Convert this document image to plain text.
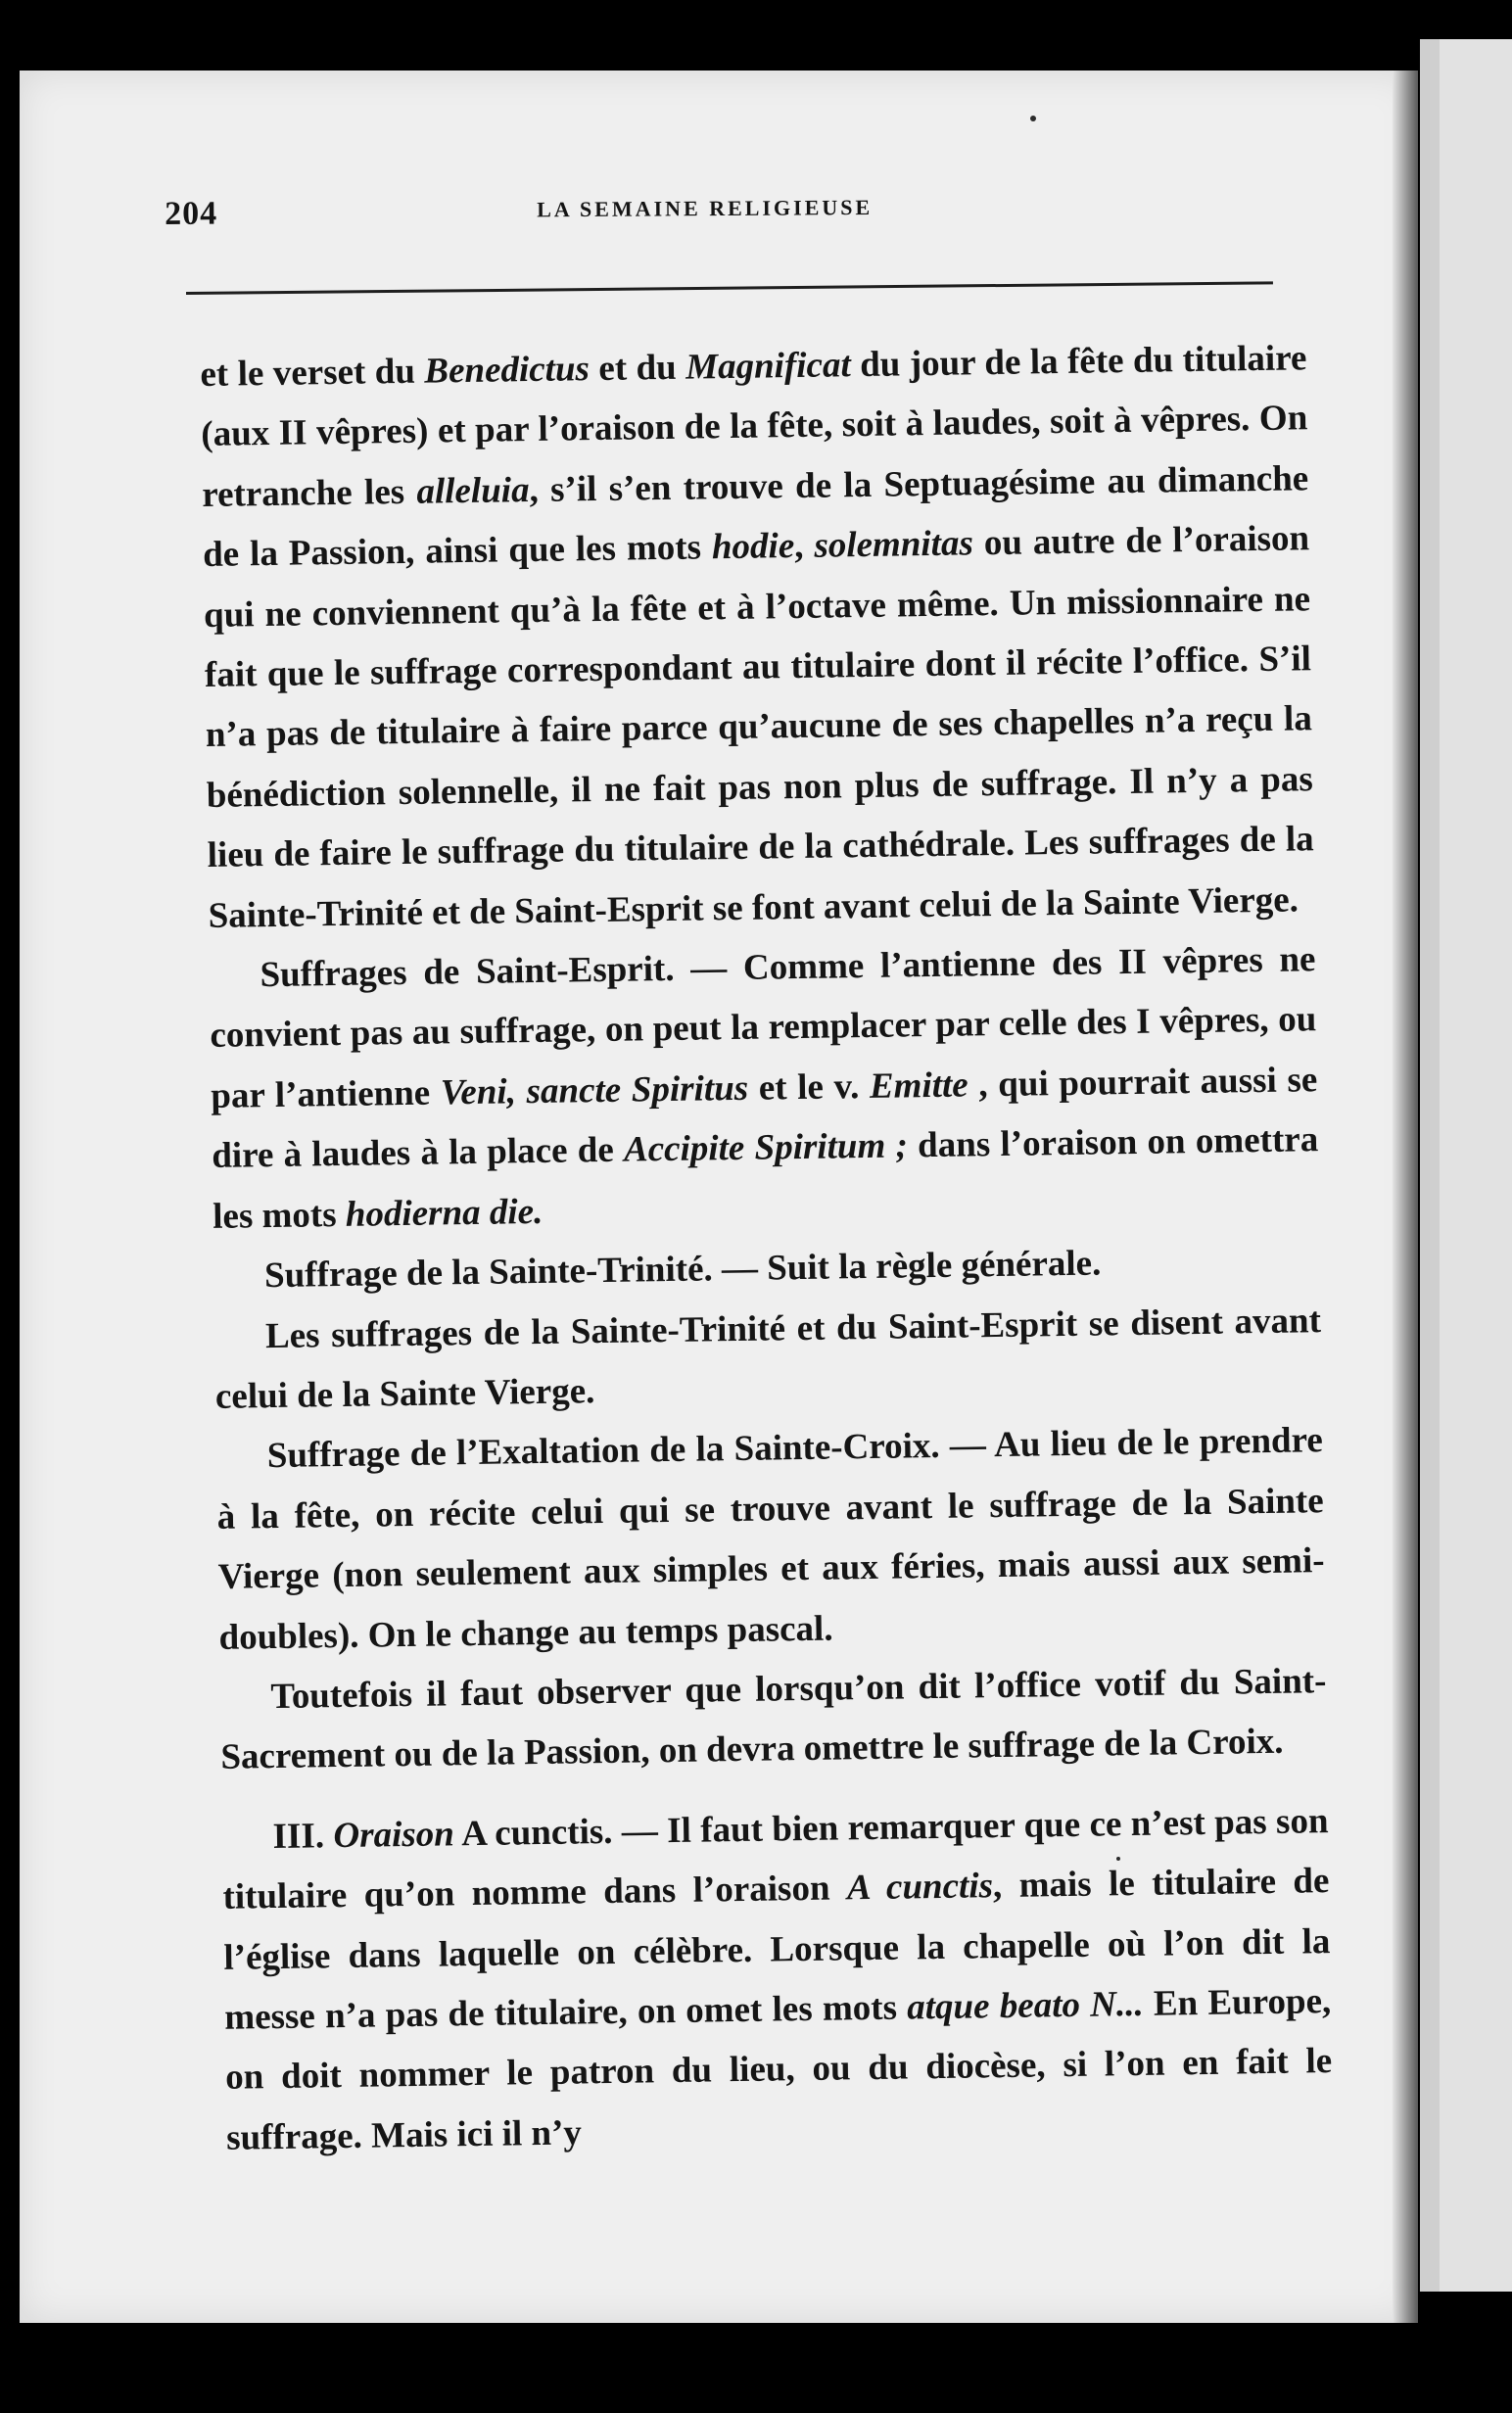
204	LA SEMAINE RELIGIEUSE

et le verset du Benedictus et du Magnificat du jour de la fête du titulaire (aux II vêpres) et par l’oraison de la fête, soit à laudes, soit à vêpres. On retranche les alleluia, s’il s’en trouve de la Septuagésime au dimanche de la Passion, ainsi que les mots hodie, solemnitas ou autre de l’oraison qui ne conviennent qu’à la fête et à l’octave même. Un missionnaire ne fait que le suffrage correspondant au titulaire dont il récite l’office. S’il n’a pas de titulaire à faire parce qu’aucune de ses chapelles n’a reçu la bénédiction solennelle, il ne fait pas non plus de suffrage. Il n’y a pas lieu de faire le suffrage du titulaire de la cathédrale. Les suffrages de la Sainte-Trinité et de Saint-Esprit se font avant celui de la Sainte Vierge.

Suffrages de Saint-Esprit. — Comme l’antienne des II vêpres ne convient pas au suffrage, on peut la remplacer par celle des I vêpres, ou par l’antienne Veni, sancte Spiritus et le v. Emitte , qui pourrait aussi se dire à laudes à la place de Accipite Spiritum ; dans l’oraison on omettra les mots hodierna die.

Suffrage de la Sainte-Trinité. — Suit la règle générale.

Les suffrages de la Sainte-Trinité et du Saint-Esprit se disent avant celui de la Sainte Vierge.

Suffrage de l’Exaltation de la Sainte-Croix. — Au lieu de le prendre à la fête, on récite celui qui se trouve avant le suffrage de la Sainte Vierge (non seulement aux simples et aux féries, mais aussi aux semi-doubles). On le change au temps pascal.

Toutefois il faut observer que lorsqu’on dit l’office votif du Saint-Sacrement ou de la Passion, on devra omettre le suffrage de la Croix.

III. Oraison A cunctis. — Il faut bien remarquer que ce n’est pas son titulaire qu’on nomme dans l’oraison A cunctis, mais le titulaire de l’église dans laquelle on célèbre. Lorsque la chapelle où l’on dit la messe n’a pas de titulaire, on omet les mots atque beato N... En Europe, on doit nommer le patron du lieu, ou du diocèse, si l’on en fait le suffrage. Mais ici il n’y
